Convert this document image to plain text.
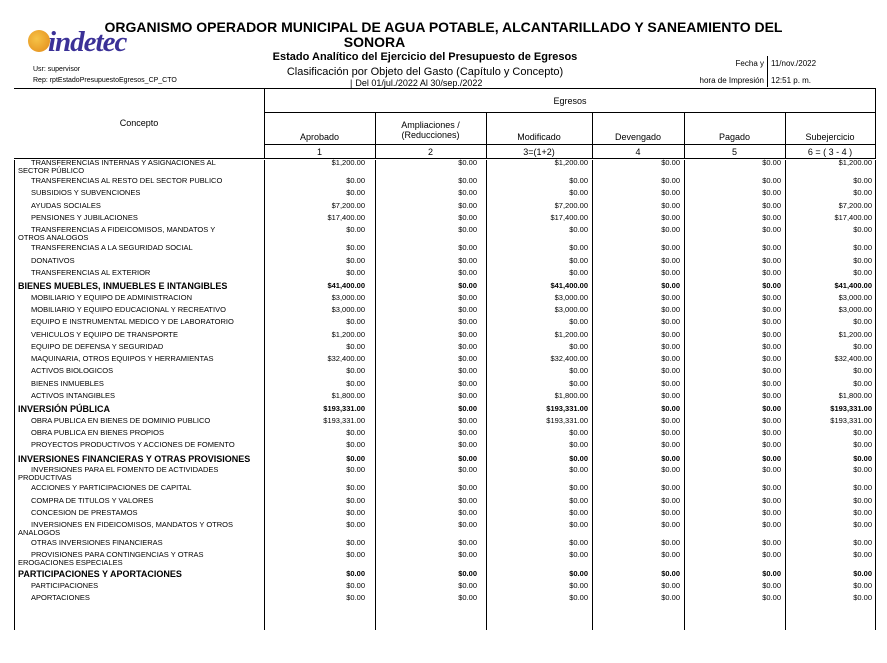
indetec
ORGANISMO OPERADOR MUNICIPAL DE AGUA POTABLE, ALCANTARILLADO Y SANEAMIENTO DEL
SONORA
Estado Analítico del Ejercicio del Presupuesto de Egresos
Clasificación por Objeto del Gasto (Capítulo y Concepto)
| Del 01/jul./2022 Al 30/sep./2022
Usr: supervisor
Rep: rptEstadoPresupuestoEgresos_CP_CTO
Fecha y 11/nov./2022
hora de Impresión 12:51 p. m.
Concepto
Egresos
Aprobado
Ampliaciones / (Reducciones)	Modificado	Devengado	Pagado	Subejercicio
1	2	3=(1+2)	4	5	6 = ( 3 - 4 )
TRANSFERENCIAS INTERNAS Y ASIGNACIONES AL
SECTOR PÚBLICO
$1,200.00	$0.00	$1,200.00	$0.00	$0.00	$1,200.00
TRANSFERENCIAS AL RESTO DEL SECTOR PUBLICO	$0.00	$0.00	$0.00	$0.00	$0.00	$0.00
SUBSIDIOS Y SUBVENCIONES	$0.00	$0.00	$0.00	$0.00	$0.00	$0.00
AYUDAS SOCIALES	$7,200.00	$0.00	$7,200.00	$0.00	$0.00	$7,200.00
PENSIONES Y JUBILACIONES	$17,400.00	$0.00	$17,400.00	$0.00	$0.00	$17,400.00
TRANSFERENCIAS A FIDEICOMISOS, MANDATOS Y
OTROS ANALOGOS
$0.00	$0.00	$0.00	$0.00	$0.00	$0.00
TRANSFERENCIAS A LA SEGURIDAD SOCIAL	$0.00	$0.00	$0.00	$0.00	$0.00	$0.00
DONATIVOS	$0.00	$0.00	$0.00	$0.00	$0.00	$0.00
TRANSFERENCIAS AL EXTERIOR	$0.00	$0.00	$0.00	$0.00	$0.00	$0.00
BIENES MUEBLES, INMUEBLES E INTANGIBLES	$41,400.00	$0.00	$41,400.00	$0.00	$0.00	$41,400.00
MOBILIARIO Y EQUIPO DE ADMINISTRACION	$3,000.00	$0.00	$3,000.00	$0.00	$0.00	$3,000.00
MOBILIARIO Y EQUIPO EDUCACIONAL Y RECREATIVO	$3,000.00	$0.00	$3,000.00	$0.00	$0.00	$3,000.00
EQUIPO E INSTRUMENTAL MEDICO Y DE LABORATORIO	$0.00	$0.00	$0.00	$0.00	$0.00	$0.00
VEHICULOS Y EQUIPO DE TRANSPORTE	$1,200.00	$0.00	$1,200.00	$0.00	$0.00	$1,200.00
EQUIPO DE DEFENSA Y SEGURIDAD	$0.00	$0.00	$0.00	$0.00	$0.00	$0.00
MAQUINARIA, OTROS EQUIPOS Y HERRAMIENTAS	$32,400.00	$0.00	$32,400.00	$0.00	$0.00	$32,400.00
ACTIVOS BIOLOGICOS	$0.00	$0.00	$0.00	$0.00	$0.00	$0.00
BIENES INMUEBLES	$0.00	$0.00	$0.00	$0.00	$0.00	$0.00
ACTIVOS INTANGIBLES	$1,800.00	$0.00	$1,800.00	$0.00	$0.00	$1,800.00
INVERSIÓN PÚBLICA	$193,331.00	$0.00	$193,331.00	$0.00	$0.00	$193,331.00
OBRA PUBLICA EN BIENES DE DOMINIO PUBLICO	$193,331.00	$0.00	$193,331.00	$0.00	$0.00	$193,331.00
OBRA PUBLICA EN BIENES PROPIOS	$0.00	$0.00	$0.00	$0.00	$0.00	$0.00
PROYECTOS PRODUCTIVOS Y ACCIONES DE FOMENTO	$0.00	$0.00	$0.00	$0.00	$0.00	$0.00
INVERSIONES FINANCIERAS Y OTRAS PROVISIONES	$0.00	$0.00	$0.00	$0.00	$0.00	$0.00
INVERSIONES PARA EL FOMENTO DE ACTIVIDADES
PRODUCTIVAS
$0.00	$0.00	$0.00	$0.00	$0.00	$0.00
ACCIONES Y PARTICIPACIONES DE CAPITAL	$0.00	$0.00	$0.00	$0.00	$0.00	$0.00
COMPRA DE TITULOS Y VALORES	$0.00	$0.00	$0.00	$0.00	$0.00	$0.00
CONCESION DE PRESTAMOS	$0.00	$0.00	$0.00	$0.00	$0.00	$0.00
INVERSIONES EN FIDEICOMISOS, MANDATOS Y OTROS
ANALOGOS
$0.00	$0.00	$0.00	$0.00	$0.00	$0.00
OTRAS INVERSIONES FINANCIERAS	$0.00	$0.00	$0.00	$0.00	$0.00	$0.00
PROVISIONES PARA CONTINGENCIAS Y OTRAS
EROGACIONES ESPECIALES
$0.00	$0.00	$0.00	$0.00	$0.00	$0.00
PARTICIPACIONES Y APORTACIONES	$0.00	$0.00	$0.00	$0.00	$0.00	$0.00
PARTICIPACIONES	$0.00	$0.00	$0.00	$0.00	$0.00	$0.00
APORTACIONES	$0.00	$0.00	$0.00	$0.00	$0.00	$0.00
